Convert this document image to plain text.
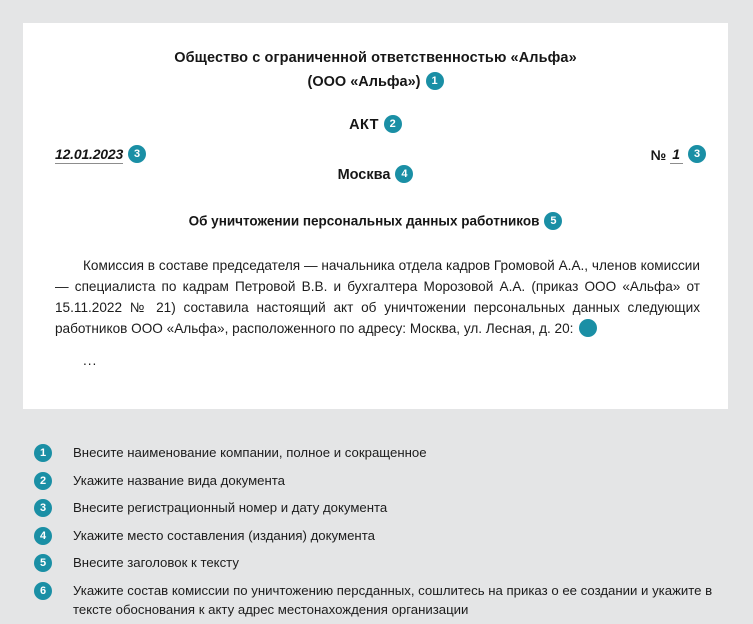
Общество с ограниченной ответственностью «Альфа»
(ООО «Альфа») 1
АКТ 2
12.01.2023 3	№ 1	3
Москва 4
Об уничтожении персональных данных работников 5

Комиссия в составе председателя — начальника отдела кадров Громовой А.А., членов комиссии — специалиста по кадрам Петровой В.В. и бухгалтера Морозовой А.А. (приказ ООО «Альфа» от 15.11.2022 № 21) составила настоящий акт об уничтожении персональных данных следующих работников ООО «Альфа», расположенного по адресу: Москва, ул. Лесная, д. 20: 6

...
1	Внесите наименование компании, полное и сокращенное
2	Укажите название вида документа
3	Внесите регистрационный номер и дату документа
4	Укажите место составления (издания) документа
5	Внесите заголовок к тексту
6	Укажите состав комиссии по уничтожению персданных, сошлитесь на приказ о ее создании и укажите в тексте обоснования к акту адрес местонахождения организации
